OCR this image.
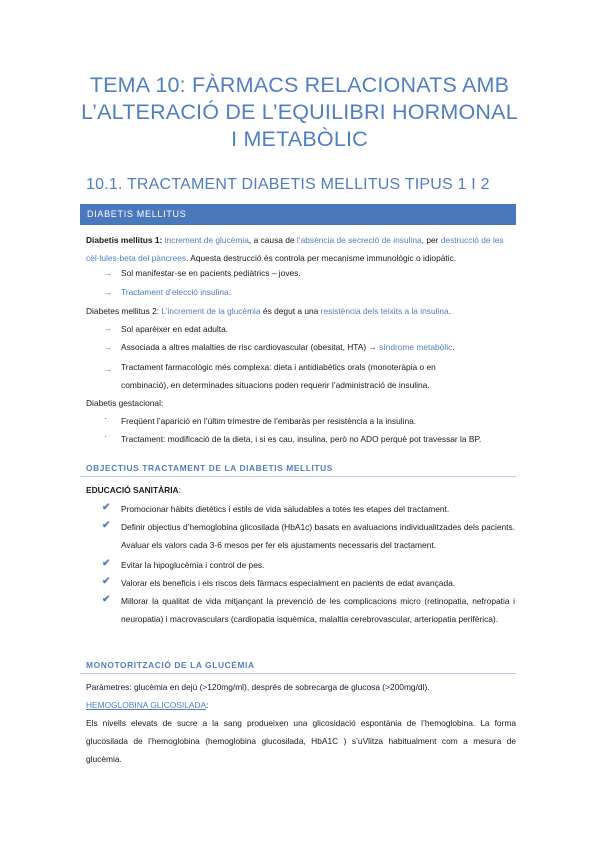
TEMA 10: FÀRMACS RELACIONATS AMB
L’ALTERACIÓ DE L’EQUILIBRI HORMONAL
I METABÒLIC
10.1. TRACTAMENT DIABETIS MELLITUS TIPUS 1 I 2
DIABETIS MELLITUS
Diabetis mellitus 1: increment de glucèmia, a causa de l’absència de secreció de insulina, per destrucció de les cèl·lules-beta del pàncrees. Aquesta destrucció és controla per mecanisme immunològic o idiopàtic.
→ Sol manifestar-se en pacients pediàtrics – joves.
→ Tractament d’elecció insulina.
Diabetes mellitus 2: L’increment de la glucèmia és degut a una resistència dels teixits a la insulina.
→ Sol aparèixer en edat adulta.
→ Associada a altres malalties de risc cardiovascular (obesitat, HTA) → síndrome metabòlic.
→ Tractament farmacològic més complexa: dieta i antidiabètics orals (monoteràpia o en
combinació), en determinades situacions poden requerir l’administració de insulina.
Diabetis gestacional:
· Freqüent l’aparició en l’últim trimestre de l’embaràs per resistència a la insulina.
· Tractament: modificació de la dieta, i si es cau, insulina, però no ADO perquè pot travessar la BP.
OBJECTIUS TRACTAMENT DE LA DIABETIS MELLITUS
EDUCACIÓ SANITÀRIA:
✔ Promocionar hàbits dietètics i estils de vida saludables a totes les etapes del tractament.
✔ Definir objectius d’hemoglobina glicosilada (HbA1c) basats en avaluacions individualitzades dels pacients. Avaluar els valors cada 3-6 mesos per fer els ajustaments necessaris del tractament.
✔ Evitar la hipoglucèmia i control de pes.
✔ Valorar els beneficis i els riscos dels fàrmacs especialment en pacients de edat avançada.
✔ Millorar la qualitat de vida mitjançant la prevenció de les complicacions micro (retinopatia, nefropatia i neuropatia) i macrovasculars (cardiopatia isquèmica, malaltia cerebrovascular, arteriopatia perifèrica).
MONOTORITZACIÓ DE LA GLUCÈMIA
Paràmetres: glucèmia en dejú (>120mg/ml), després de sobrecarga de glucosa (>200mg/dl).
HEMOGLOBINA GLICOSILADA:
Els nivells elevats de sucre a la sang produeixen una glicosidació espontània de l’hemoglobina. La forma glucosilada de l’hemoglobina (hemoglobina glucosilada, HbA1C ) s’uVlitza habitualment com a mesura de glucèmia.
